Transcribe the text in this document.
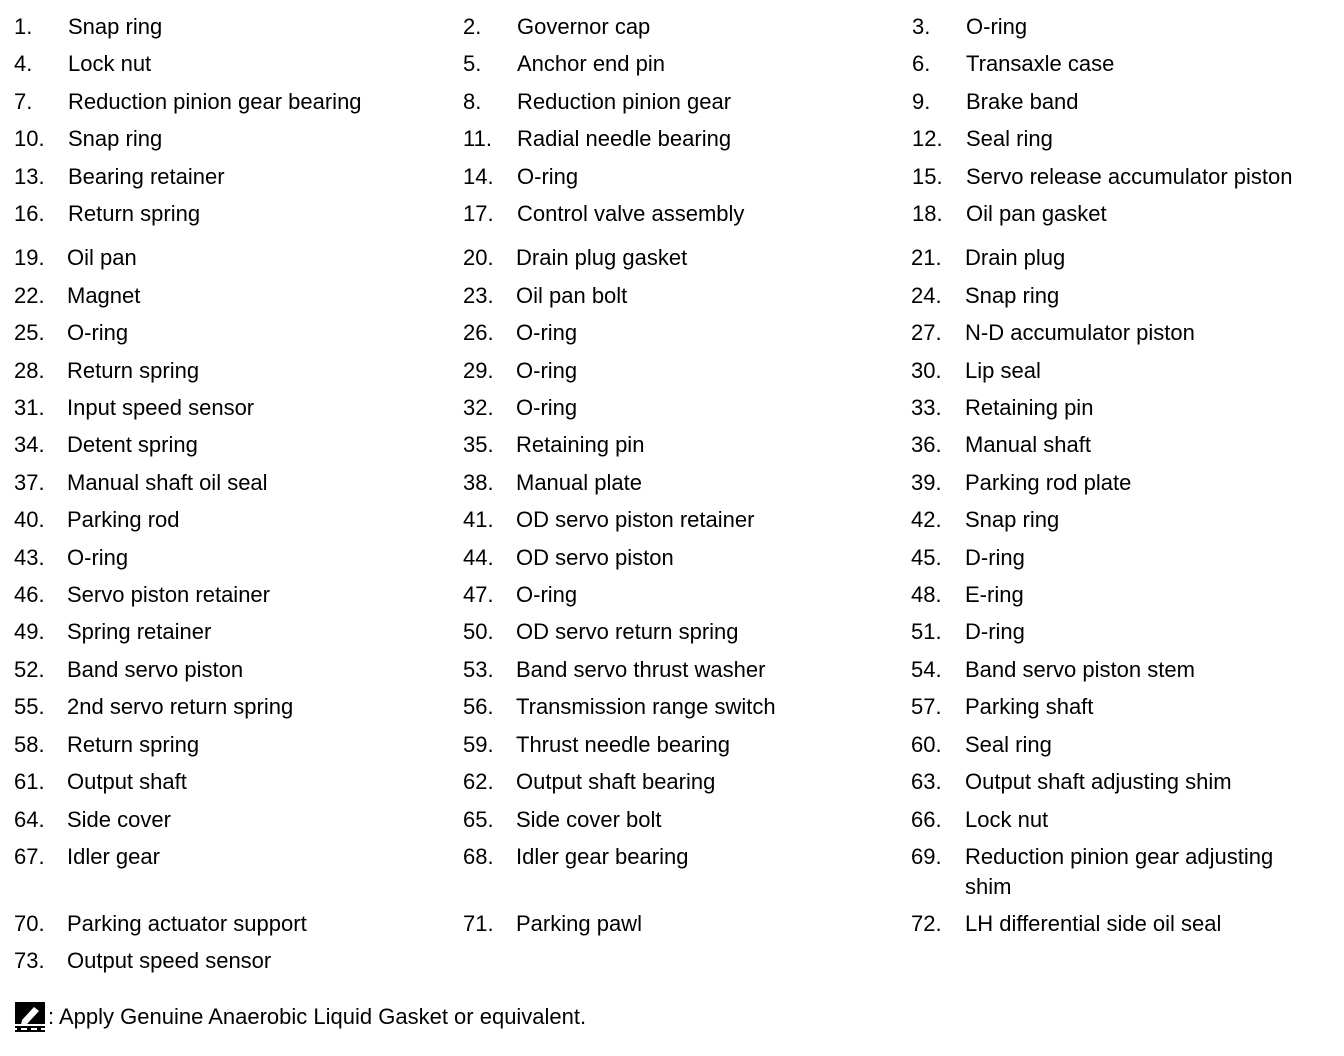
1. Snap ring	2. Governor cap	3. O-ring
4. Lock nut	5. Anchor end pin	6. Transaxle case
7. Reduction pinion gear bearing	8. Reduction pinion gear	9. Brake band
10. Snap ring	11. Radial needle bearing	12. Seal ring
13. Bearing retainer	14. O-ring	15. Servo release accumulator piston
16. Return spring	17. Control valve assembly	18. Oil pan gasket
19. Oil pan	20. Drain plug gasket	21. Drain plug
22. Magnet	23. Oil pan bolt	24. Snap ring
25. O-ring	26. O-ring	27. N-D accumulator piston
28. Return spring	29. O-ring	30. Lip seal
31. Input speed sensor	32. O-ring	33. Retaining pin
34. Detent spring	35. Retaining pin	36. Manual shaft
37. Manual shaft oil seal	38. Manual plate	39. Parking rod plate
40. Parking rod	41. OD servo piston retainer	42. Snap ring
43. O-ring	44. OD servo piston	45. D-ring
46. Servo piston retainer	47. O-ring	48. E-ring
49. Spring retainer	50. OD servo return spring	51. D-ring
52. Band servo piston	53. Band servo thrust washer	54. Band servo piston stem
55. 2nd servo return spring	56. Transmission range switch	57. Parking shaft
58. Return spring	59. Thrust needle bearing	60. Seal ring
61. Output shaft	62. Output shaft bearing	63. Output shaft adjusting shim
64. Side cover	65. Side cover bolt	66. Lock nut
67. Idler gear	68. Idler gear bearing	69. Reduction pinion gear adjusting shim
70. Parking actuator support	71. Parking pawl	72. LH differential side oil seal
73. Output speed sensor
: Apply Genuine Anaerobic Liquid Gasket or equivalent.
